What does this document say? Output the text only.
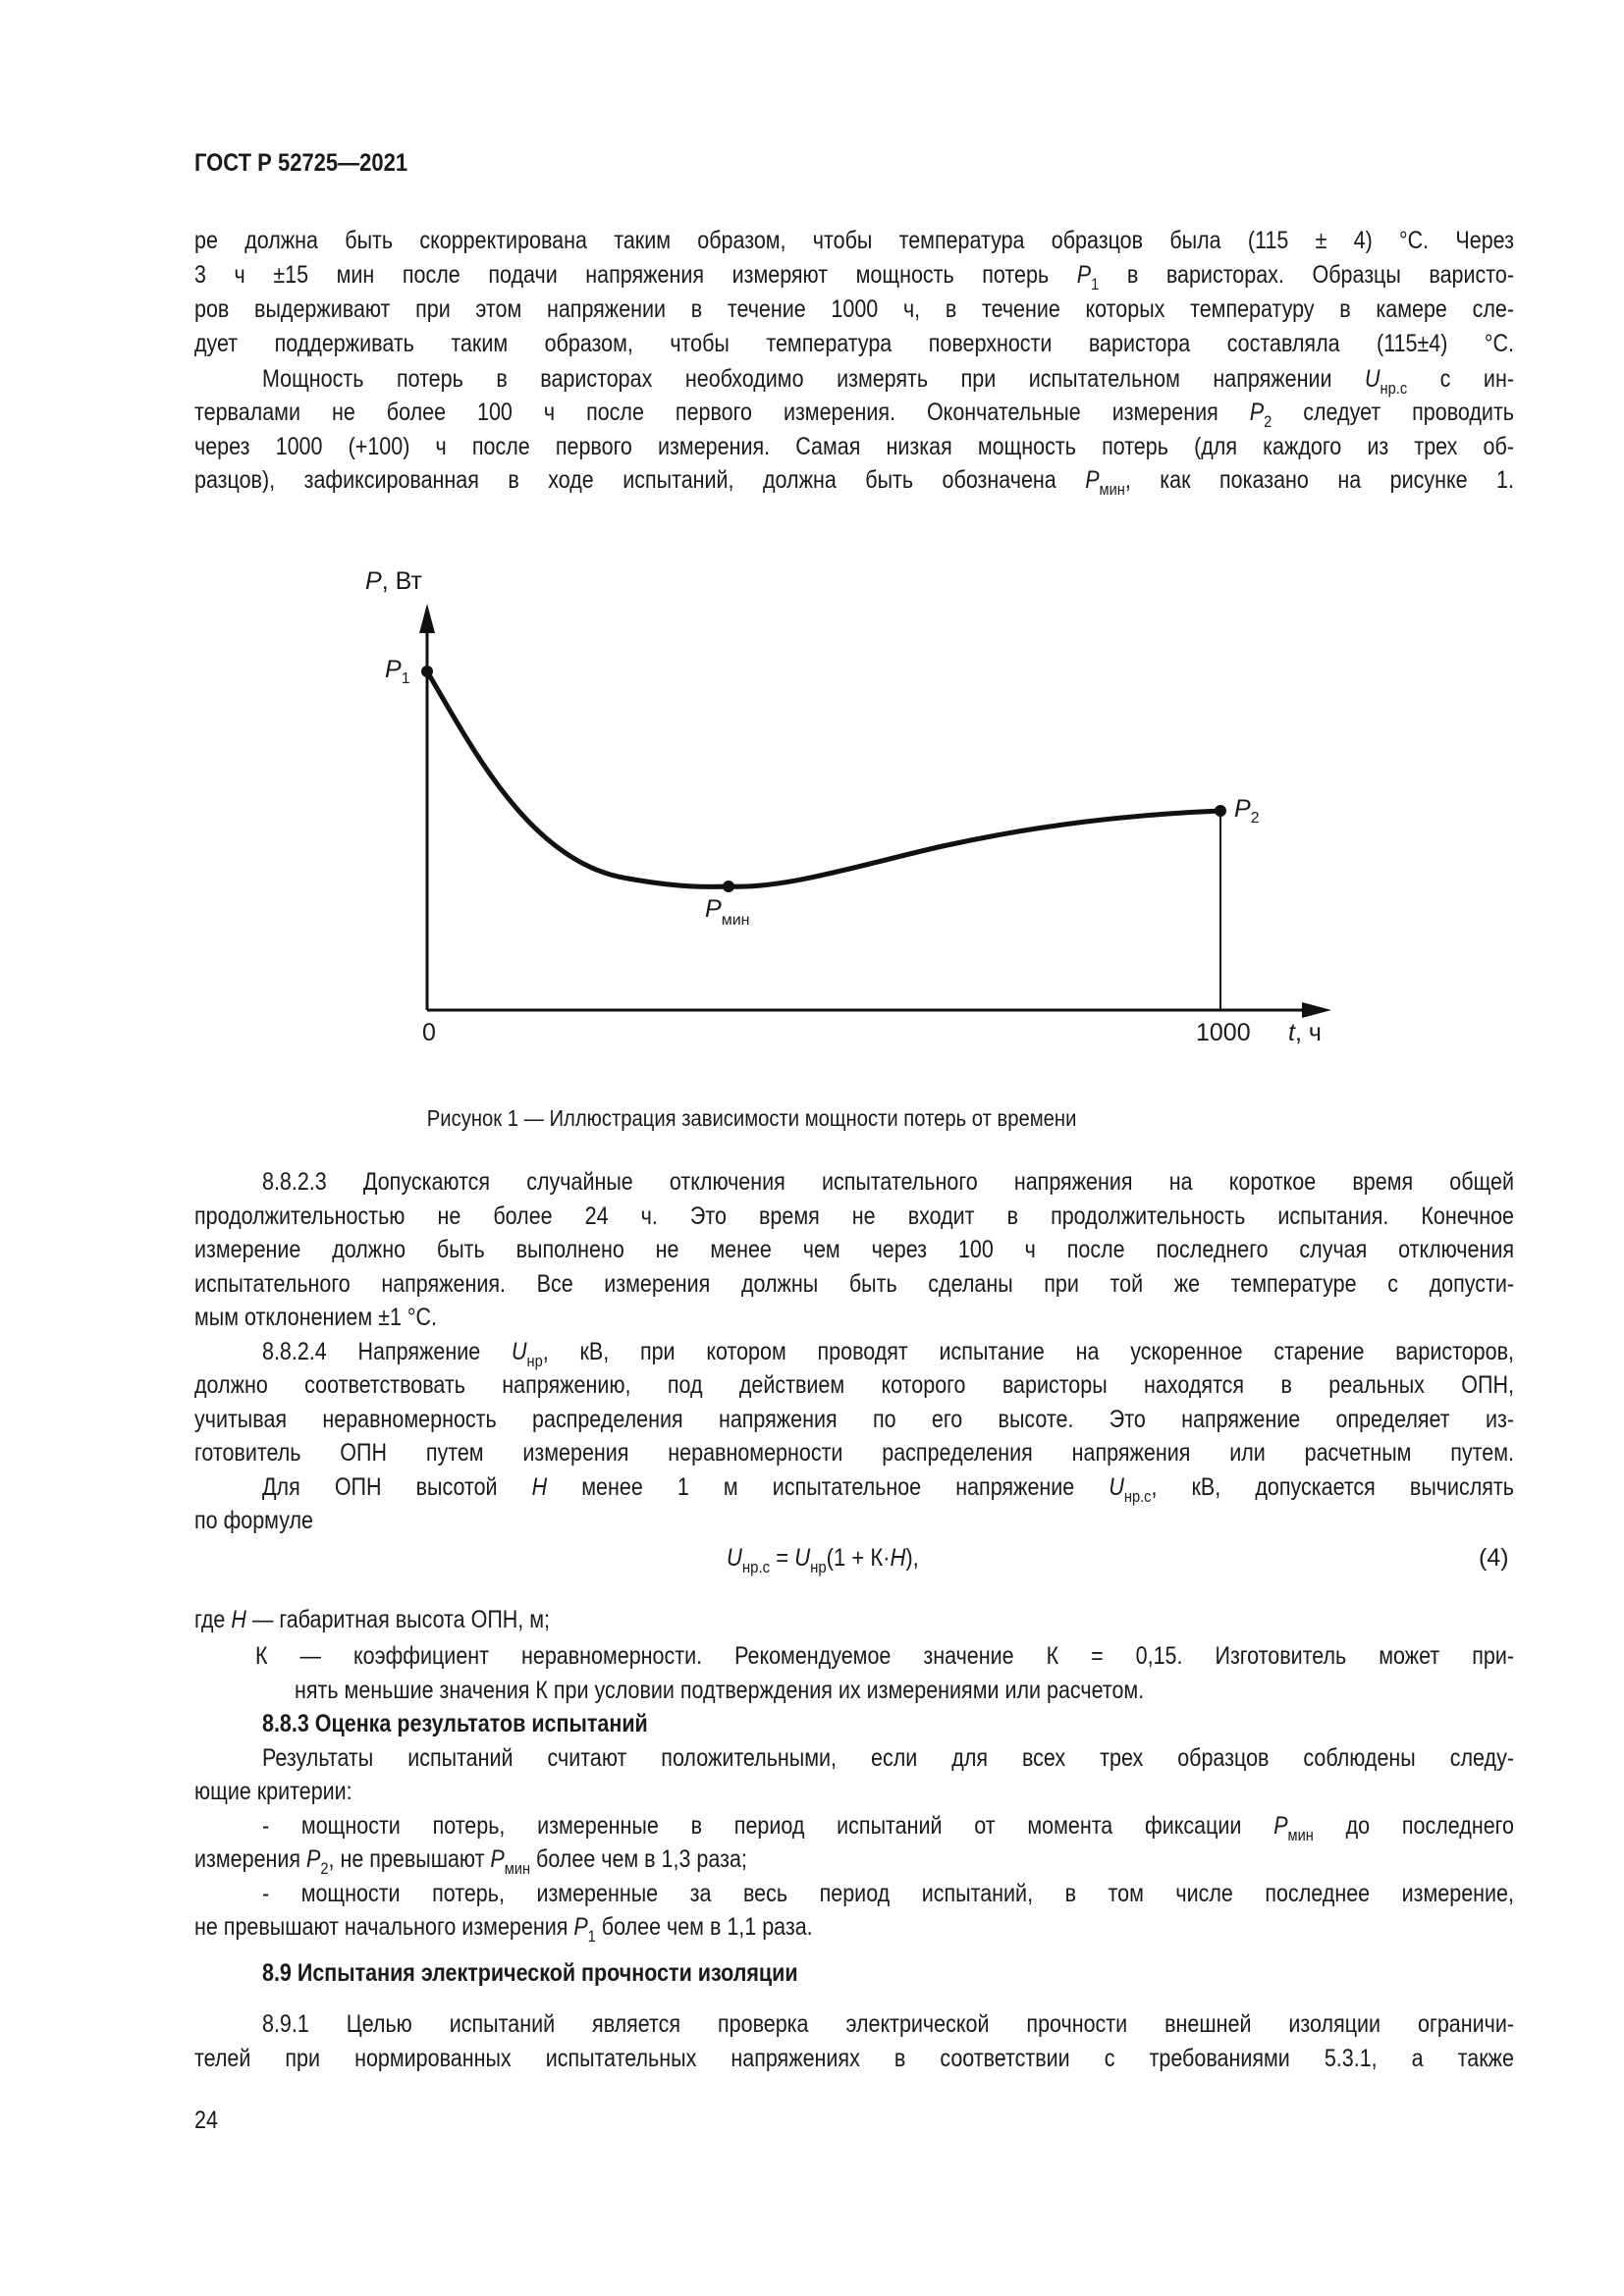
ГОСТ Р 52725—2021
ре должна быть скорректирована таким образом, чтобы температура образцов была (115 ± 4) °C. Через
3 ч ±15 мин после подачи напряжения измеряют мощность потерь $P_1$ в варисторах. Образцы варисто-
ров выдерживают при этом напряжении в течение 1000 ч, в течение которых температуру в камере сле-
дует поддерживать таким образом, чтобы температура поверхности варистора составляла (115±4) °C.
Мощность потерь в варисторах необходимо измерять при испытательном напряжении $U_{нр.с}$ с ин-
тервалами не более 100 ч после первого измерения. Окончательные измерения $P_2$ следует проводить
через 1000 (+100) ч после первого измерения. Самая низкая мощность потерь (для каждого из трех об-
разцов), зафиксированная в ходе испытаний, должна быть обозначена $P_{мин}$, как показано на рисунке 1.
8.8.2.3 Допускаются случайные отключения испытательного напряжения на короткое время общей
продолжительностью не более 24 ч. Это время не входит в продолжительность испытания. Конечное
измерение должно быть выполнено не менее чем через 100 ч после последнего случая отключения
испытательного напряжения. Все измерения должны быть сделаны при той же температуре с допусти-
мым отклонением ±1 °C.
8.8.2.4 Напряжение $U_{нр}$, кВ, при котором проводят испытание на ускоренное старение варисторов,
должно соответствовать напряжению, под действием которого варисторы находятся в реальных ОПН,
учитывая неравномерность распределения напряжения по его высоте. Это напряжение определяет из-
готовитель ОПН путем измерения неравномерности распределения напряжения или расчетным путем.
Для ОПН высотой H менее 1 м испытательное напряжение $U_{нр.с}$, кВ, допускается вычислять
по формуле
где H — габаритная высота ОПН, м;
К — коэффициент неравномерности. Рекомендуемое значение К = 0,15. Изготовитель может при-
нять меньшие значения К при условии подтверждения их измерениями или расчетом.
8.8.3 Оценка результатов испытаний
Результаты испытаний считают положительными, если для всех трех образцов соблюдены следу-
ющие критерии:
- мощности потерь, измеренные в период испытаний от момента фиксации $P_{мин}$ до последнего
измерения $P_2$, не превышают $P_{мин}$ более чем в 1,3 раза;
- мощности потерь, измеренные за весь период испытаний, в том числе последнее измерение,
не превышают начального измерения $P_1$ более чем в 1,1 раза.
8.9 Испытания электрической прочности изоляции
8.9.1 Целью испытаний является проверка электрической прочности внешней изоляции ограничи-
телей при нормированных испытательных напряжениях в соответствии с требованиями 5.3.1, а также
P, Вт
$P_1$
$P_2$
$P_{мин}$
0	1000 t, ч
Рисунок 1 — Иллюстрация зависимости мощности потерь от времени
$U_{нр.с} = U_{нр}(1 + К\cdot H)$,	(4)
24
